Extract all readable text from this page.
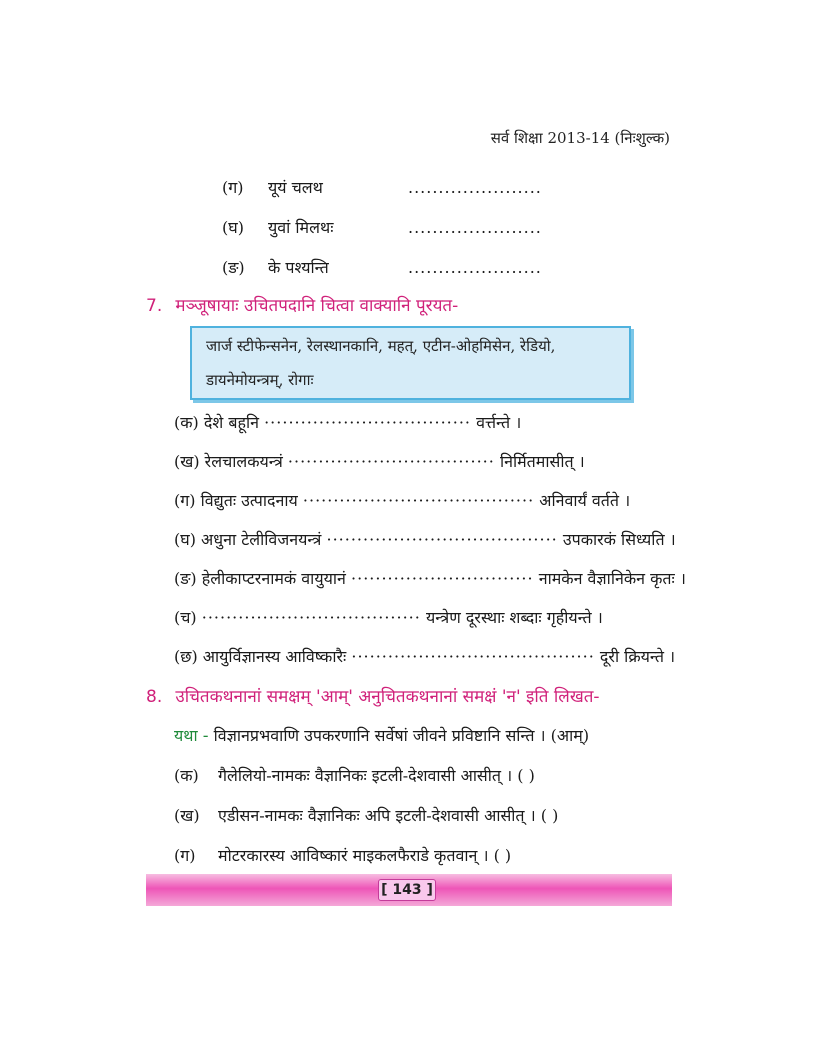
सर्व शिक्षा 2013-14 (निःशुल्क)
(ग) यूयं चलथ	......................
(घ) युवां मिलथः	......................
(ङ) के पश्यन्ति	......................
7. मञ्जूषायाः उचितपदानि चित्वा वाक्यानि पूरयत-
जार्ज स्टीफेन्सनेन, रेलस्थानकानि, महत्, एटीन-ओहमिसेन, रेडियो,
डायनेमोयन्त्रम्, रोगाः
(क) देशे बहूनि ·································· वर्त्तन्ते ।
(ख) रेलचालकयन्त्रं ·································· निर्मितमासीत् ।
(ग) विद्युतः उत्पादनाय ······································ अनिवार्यं वर्तते ।
(घ) अधुना टेलीविजनयन्त्रं ······································ उपकारकं सिध्यति ।
(ङ) हेलीकाप्टरनामकं वायुयानं ······························ नामकेन वैज्ञानिकेन कृतः ।
(च) ···································· यन्त्रेण दूरस्थाः शब्दाः गृहीयन्ते ।
(छ) आयुर्विज्ञानस्य आविष्कारैः ········································ दूरी क्रियन्ते ।
8. उचितकथनानां समक्षम् 'आम्' अनुचितकथनानां समक्षं 'न' इति लिखत-
यथा - विज्ञानप्रभवाणि उपकरणानि सर्वेषां जीवने प्रविष्टानि सन्ति । (आम्)
(क) गैलेलियो-नामकः वैज्ञानिकः इटली-देशवासी आसीत् । ( )
(ख) एडीसन-नामकः वैज्ञानिकः अपि इटली-देशवासी आसीत् । ( )
(ग) मोटरकारस्य आविष्कारं माइकलफैराडे कृतवान् । ( )
[ 143 ]
